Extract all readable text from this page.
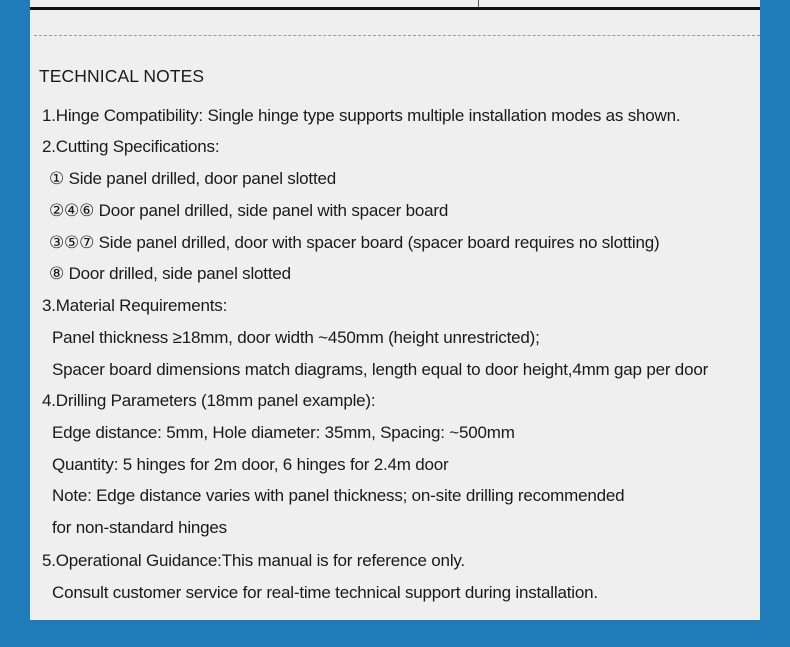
TECHNICAL NOTES
1.Hinge Compatibility: Single hinge type supports multiple installation modes as shown.
2.Cutting Specifications:
① Side panel drilled, door panel slotted
②④⑥ Door panel drilled, side panel with spacer board
③⑤⑦ Side panel drilled, door with spacer board (spacer board requires no slotting)
⑧ Door drilled, side panel slotted
3.Material Requirements:
Panel thickness ≥18mm, door width ~450mm (height unrestricted);
Spacer board dimensions match diagrams, length equal to door height,4mm gap per door
4.Drilling Parameters (18mm panel example):
Edge distance: 5mm, Hole diameter: 35mm, Spacing: ~500mm
Quantity: 5 hinges for 2m door, 6 hinges for 2.4m door
Note: Edge distance varies with panel thickness; on-site drilling recommended
for non-standard hinges
5.Operational Guidance:This manual is for reference only.
Consult customer service for real-time technical support during installation.
